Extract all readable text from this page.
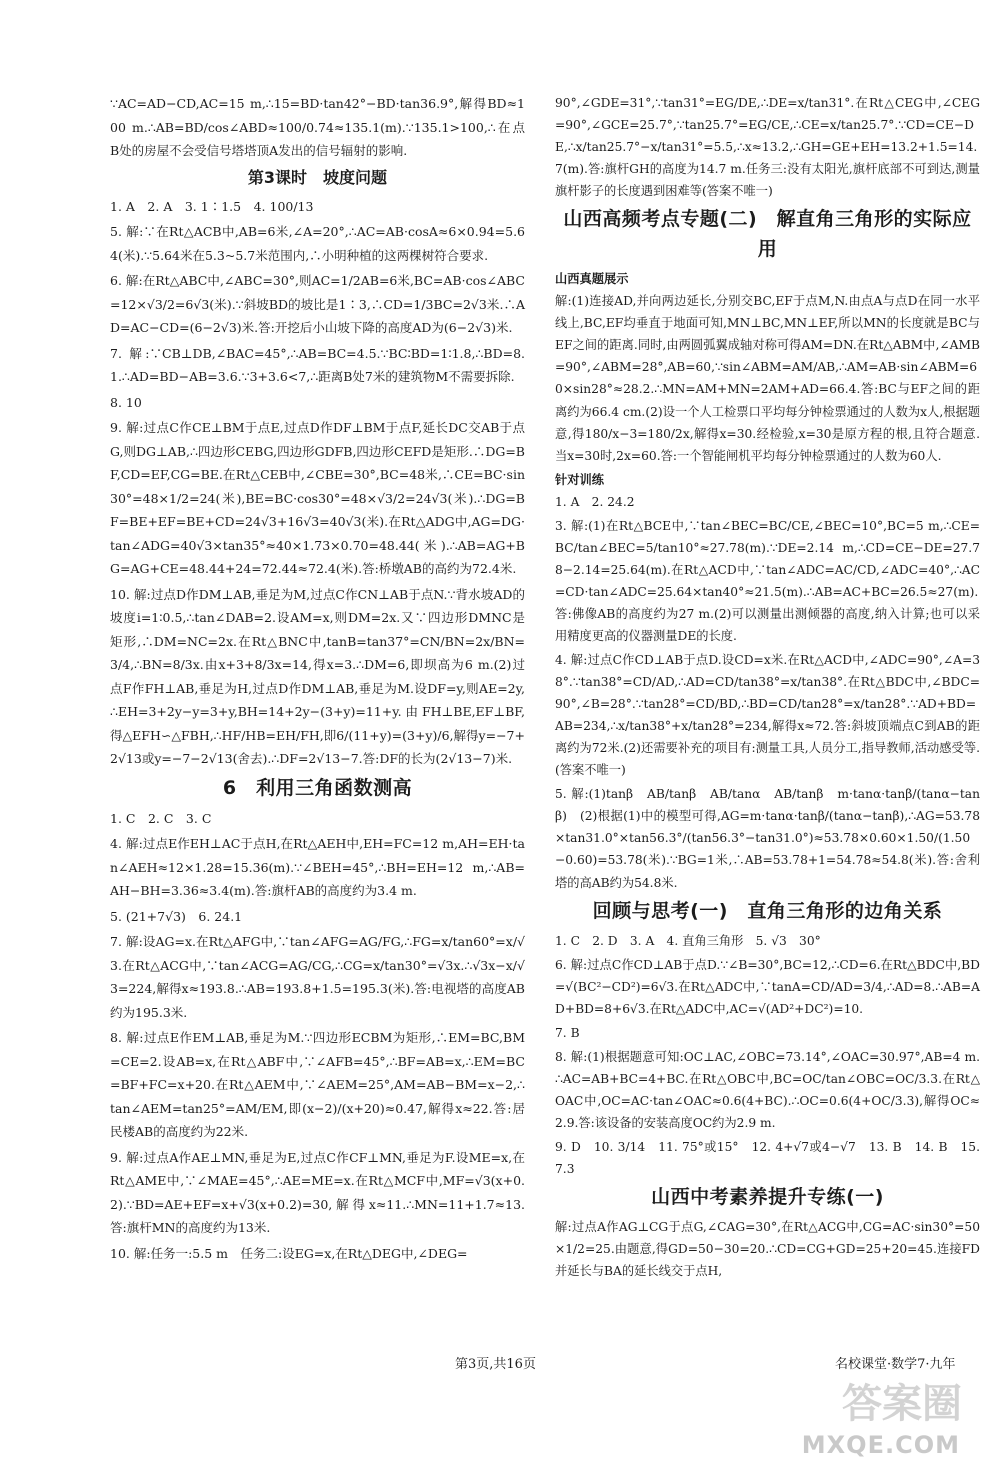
∵AC=AD−CD,AC=15 m,∴15=BD·tan42°−BD·tan36.9°,解得BD≈100 m.∴AB=BD/cos∠ABD≈100/0.74≈135.1(m).∵135.1>100,∴在点B处的房屋不会受信号塔塔顶A发出的信号辐射的影响.

第3课时　坡度问题

1. A　2. A　3. 1∶1.5　4. 100/13

5. 解:∵在Rt△ACB中,AB=6米,∠A=20°,∴AC=AB·cosA≈6×0.94=5.64(米).∵5.64米在5.3~5.7米范围内,∴小明种植的这两棵树符合要求.

6. 解:在Rt△ABC中,∠ABC=30°,则AC=1/2AB=6米,BC=AB·cos∠ABC=12×√3/2=6√3(米).∵斜坡BD的坡比是1∶3,∴CD=1/3BC=2√3米.∴AD=AC−CD=(6−2√3)米.答:开挖后小山坡下降的高度AD为(6−2√3)米.

7. 解:∵CB⊥DB,∠BAC=45°,∴AB=BC=4.5.∵BC∶BD=1∶1.8,∴BD=8.1.∴AD=BD−AB=3.6.∵3+3.6<7,∴距离B处7米的建筑物M不需要拆除.

8. 10

9. 解:过点C作CE⊥BM于点E,过点D作DF⊥BM于点F,延长DC交AB于点G,则DG⊥AB,∴四边形CEBG,四边形GDFB,四边形CEFD是矩形.∴DG=BF,CD=EF,CG=BE.在Rt△CEB中,∠CBE=30°,BC=48米,∴CE=BC·sin30°=48×1/2=24(米),BE=BC·cos30°=48×√3/2=24√3(米).∴DG=BF=BE+EF=BE+CD=24√3+16√3=40√3(米).在Rt△ADG中,AG=DG·tan∠ADG=40√3×tan35°≈40×1.73×0.70=48.44(米).∴AB=AG+BG=AG+CE=48.44+24=72.44≈72.4(米).答:桥墩AB的高约为72.4米.

10. 解:过点D作DM⊥AB,垂足为M,过点C作CN⊥AB于点N.∵背水坡AD的坡度i=1∶0.5,∴tan∠DAB=2.设AM=x,则DM=2x.又∵四边形DMNC是矩形,∴DM=NC=2x.在Rt△BNC中,tanB=tan37°=CN/BN=2x/BN=3/4,∴BN=8/3x.由x+3+8/3x=14,得x=3.∴DM=6,即坝高为6 m.(2)过点F作FH⊥AB,垂足为H,过点D作DM⊥AB,垂足为M.设DF=y,则AE=2y,∴EH=3+2y−y=3+y,BH=14+2y−(3+y)=11+y.由FH⊥BE,EF⊥BF,得△EFH∽△FBH,∴HF/HB=EH/FH,即6/(11+y)=(3+y)/6,解得y=−7+2√13或y=−7−2√13(舍去).∴DF=2√13−7.答:DF的长为(2√13−7)米.

6　利用三角函数测高

1. C　2. C　3. C

4. 解:过点E作EH⊥AC于点H,在Rt△AEH中,EH=FC=12 m,AH=EH·tan∠AEH≈12×1.28=15.36(m).∵∠BEH=45°,∴BH=EH=12 m,∴AB=AH−BH=3.36≈3.4(m).答:旗杆AB的高度约为3.4 m.

5. (21+7√3)　6. 24.1

7. 解:设AG=x.在Rt△AFG中,∵tan∠AFG=AG/FG,∴FG=x/tan60°=x/√3.在Rt△ACG中,∵tan∠ACG=AG/CG,∴CG=x/tan30°=√3x.∴√3x−x/√3=224,解得x≈193.8.∴AB=193.8+1.5=195.3(米).答:电视塔的高度AB约为195.3米.

8. 解:过点E作EM⊥AB,垂足为M.∵四边形ECBM为矩形,∴EM=BC,BM=CE=2.设AB=x,在Rt△ABF中,∵∠AFB=45°,∴BF=AB=x,∴EM=BC=BF+FC=x+20.在Rt△AEM中,∵∠AEM=25°,AM=AB−BM=x−2,∴tan∠AEM=tan25°=AM/EM,即(x−2)/(x+20)≈0.47,解得x≈22.答:居民楼AB的高度约为22米.

9. 解:过点A作AE⊥MN,垂足为E,过点C作CF⊥MN,垂足为F.设ME=x,在Rt△AME中,∵∠MAE=45°,∴AE=ME=x.在Rt△MCF中,MF=√3(x+0.2).∵BD=AE+EF=x+√3(x+0.2)=30,解得x≈11.∴MN=11+1.7≈13.答:旗杆MN的高度约为13米.

10. 解:任务一:5.5 m　任务二:设EG=x,在Rt△DEG中,∠DEG=

90°,∠GDE=31°,∵tan31°=EG/DE,∴DE=x/tan31°.在Rt△CEG中,∠CEG=90°,∠GCE=25.7°,∵tan25.7°=EG/CE,∴CE=x/tan25.7°.∵CD=CE−DE,∴x/tan25.7°−x/tan31°=5.5,∴x≈13.2,∴GH=GE+EH=13.2+1.5=14.7(m).答:旗杆GH的高度为14.7 m.任务三:没有太阳光,旗杆底部不可到达,测量旗杆影子的长度遇到困难等(答案不唯一)

山西高频考点专题(二)　解直角三角形的实际应用
山西真题展示

解:(1)连接AD,并向两边延长,分别交BC,EF于点M,N.由点A与点D在同一水平线上,BC,EF均垂直于地面可知,MN⊥BC,MN⊥EF,所以MN的长度就是BC与EF之间的距离.同时,由两圆弧翼成轴对称可得AM=DN.在Rt△ABM中,∠AMB=90°,∠ABM=28°,AB=60,∵sin∠ABM=AM/AB,∴AM=AB·sin∠ABM=60×sin28°≈28.2.∴MN=AM+MN=2AM+AD=66.4.答:BC与EF之间的距离约为66.4 cm.(2)设一个人工检票口平均每分钟检票通过的人数为x人,根据题意,得180/x−3=180/2x,解得x=30.经检验,x=30是原方程的根,且符合题意.当x=30时,2x=60.答:一个智能闸机平均每分钟检票通过的人数为60人.

针对训练

1. A　2. 24.2

3. 解:(1)在Rt△BCE中,∵tan∠BEC=BC/CE,∠BEC=10°,BC=5 m,∴CE=BC/tan∠BEC=5/tan10°≈27.78(m).∵DE=2.14 m,∴CD=CE−DE=27.78−2.14=25.64(m).在Rt△ACD中,∵tan∠ADC=AC/CD,∠ADC=40°,∴AC=CD·tan∠ADC=25.64×tan40°≈21.5(m).∴AB=AC+BC=26.5≈27(m).答:佛像AB的高度约为27 m.(2)可以测量出测倾器的高度,纳入计算;也可以采用精度更高的仪器测量DE的长度.

4. 解:过点C作CD⊥AB于点D.设CD=x米.在Rt△ACD中,∠ADC=90°,∠A=38°.∵tan38°=CD/AD,∴AD=CD/tan38°=x/tan38°.在Rt△BDC中,∠BDC=90°,∠B=28°.∵tan28°=CD/BD,∴BD=CD/tan28°=x/tan28°.∵AD+BD=AB=234,∴x/tan38°+x/tan28°=234,解得x≈72.答:斜坡顶端点C到AB的距离约为72米.(2)还需要补充的项目有:测量工具,人员分工,指导教师,活动感受等.(答案不唯一)

5. 解:(1)tanβ　AB/tanβ　AB/tanα　AB/tanβ　m·tanα·tanβ/(tanα−tanβ)　(2)根据(1)中的模型可得,AG=m·tanα·tanβ/(tanα−tanβ),∴AG=53.78×tan31.0°×tan56.3°/(tan56.3°−tan31.0°)≈53.78×0.60×1.50/(1.50−0.60)=53.78(米).∵BG=1米,∴AB=53.78+1=54.78≈54.8(米).答:舍利塔的高AB约为54.8米.

回顾与思考(一)　直角三角形的边角关系

1. C　2. D　3. A　4. 直角三角形　5. √3　30°

6. 解:过点C作CD⊥AB于点D.∵∠B=30°,BC=12,∴CD=6.在Rt△BDC中,BD=√(BC²−CD²)=6√3.在Rt△ADC中,∵tanA=CD/AD=3/4,∴AD=8.∴AB=AD+BD=8+6√3.在Rt△ADC中,AC=√(AD²+DC²)=10.

7. B

8. 解:(1)根据题意可知:OC⊥AC,∠OBC=73.14°,∠OAC=30.97°,AB=4 m.∴AC=AB+BC=4+BC.在Rt△OBC中,BC=OC/tan∠OBC=OC/3.3.在Rt△OAC中,OC=AC·tan∠OAC≈0.6(4+BC).∴OC=0.6(4+OC/3.3),解得OC≈2.9.答:该设备的安装高度OC约为2.9 m.

9. D　10. 3/14　11. 75°或15°　12. 4+√7或4−√7　13. B　14. B　15. 7.3

山西中考素养提升专练(一)

解:过点A作AG⊥CG于点G,∠CAG=30°,在Rt△ACG中,CG=AC·sin30°=50×1/2=25.由题意,得GD=50−30=20.∴CD=CG+GD=25+20=45.连接FD并延长与BA的延长线交于点H,

第3页,共16页	名校课堂·数学7·九年
答案圈
MXQE.COM
